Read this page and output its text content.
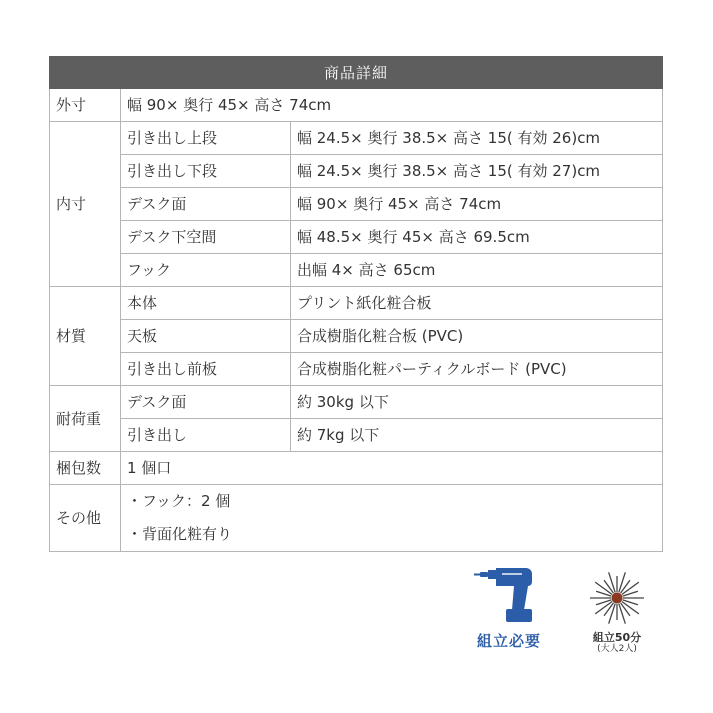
商品詳細		
外寸	幅 90× 奥行 45× 高さ 74cm	
内寸	引き出し上段	幅 24.5× 奥行 38.5× 高さ 15( 有効 26)cm
	引き出し下段	幅 24.5× 奥行 38.5× 高さ 15( 有効 27)cm
	デスク面	幅 90× 奥行 45× 高さ 74cm
	デスク下空間	幅 48.5× 奥行 45× 高さ 69.5cm
	フック	出幅 4× 高さ 65cm
材質	本体	プリント紙化粧合板
	天板	合成樹脂化粧合板 (PVC)
	引き出し前板	合成樹脂化粧パーティクルボード (PVC)
耐荷重	デスク面	約 30kg 以下
	引き出し	約 7kg 以下
梱包数	1 個口	
その他	・フック：2 個
・背面化粧有り	
組立必要	組立50分
(大人2人)
